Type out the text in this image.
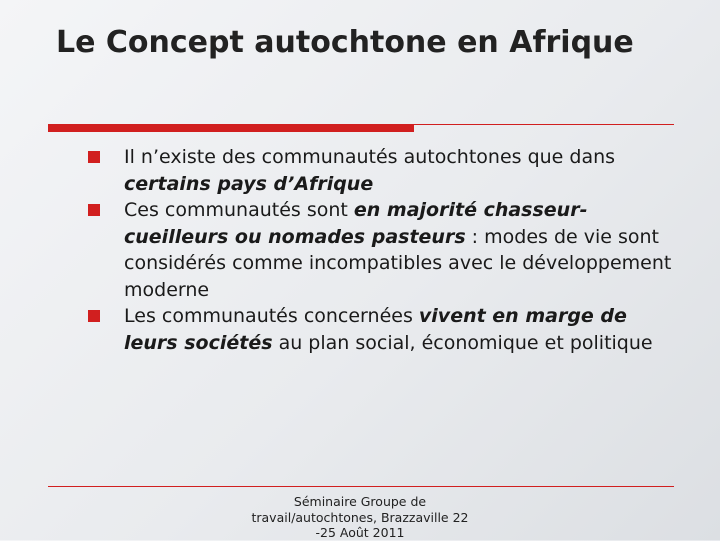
Le Concept autochtone en Afrique
Il n’existe des communautés autochtones que dans certains pays d’Afrique
Ces communautés sont en majorité chasseur-cueilleurs ou nomades pasteurs : modes de vie sont considérés comme incompatibles avec le développement moderne
Les communautés concernées vivent en marge de leurs sociétés au plan social, économique et politique
Séminaire Groupe de travail/autochtones, Brazzaville 22 -25 Août 2011
